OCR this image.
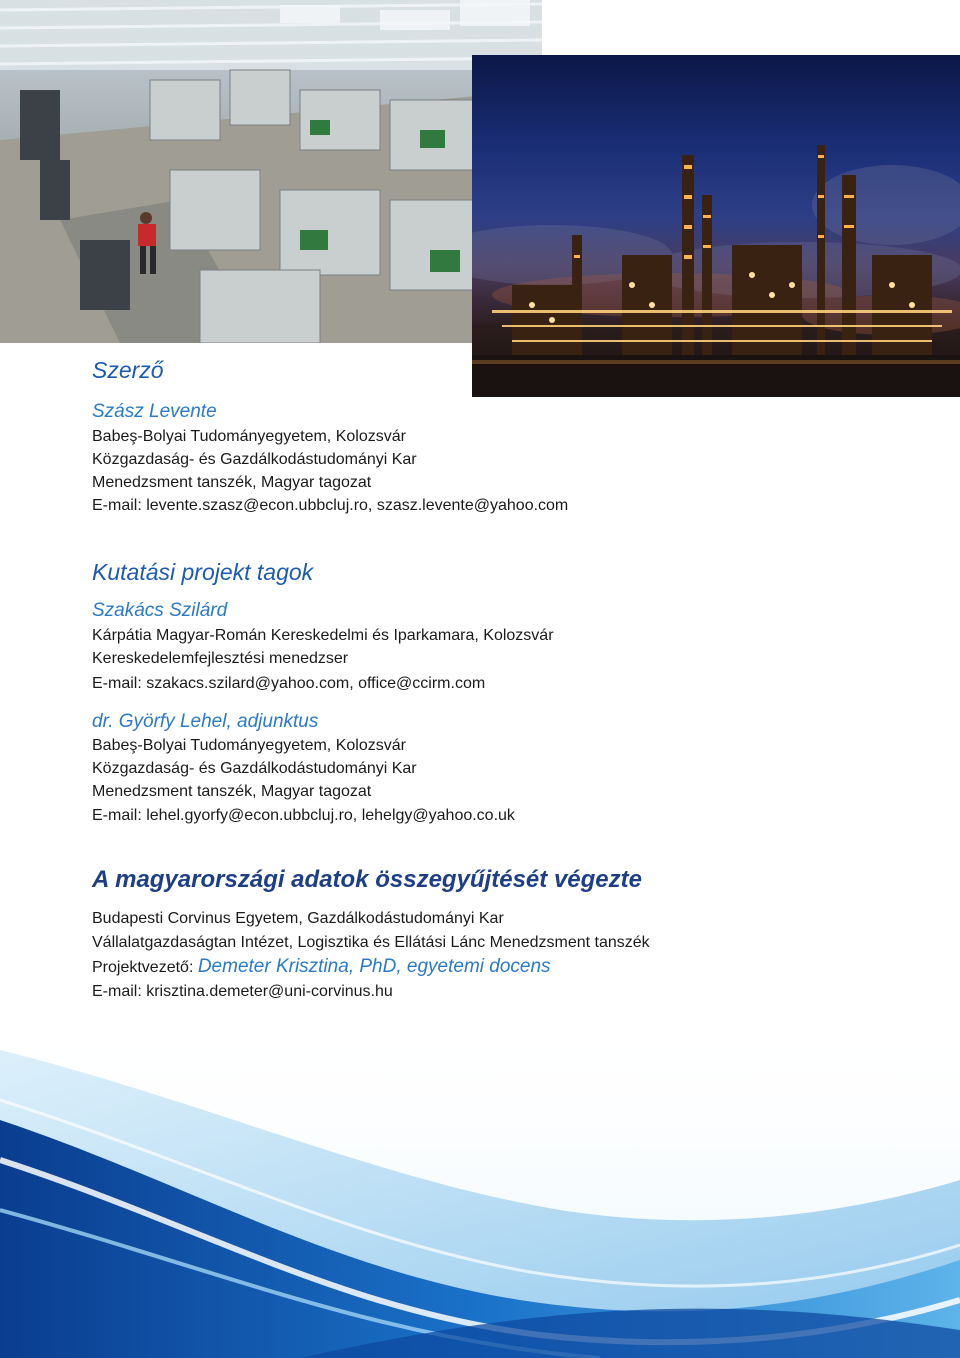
Szerző

Szász Levente

Babeş-Bolyai Tudományegyetem, Kolozsvár

Közgazdaság- és Gazdálkodástudományi Kar

Menedzsment tanszék, Magyar tagozat

E-mail: levente.szasz@econ.ubbcluj.ro, szasz.levente@yahoo.com

Kutatási projekt tagok

Szakács Szilárd

Kárpátia Magyar-Román Kereskedelmi és Iparkamara, Kolozsvár

Kereskedelemfejlesztési menedzser

E-mail: szakacs.szilard@yahoo.com, office@ccirm.com

dr. Györfy Lehel, adjunktus

Babeş-Bolyai Tudományegyetem, Kolozsvár

Közgazdaság- és Gazdálkodástudományi Kar

Menedzsment tanszék, Magyar tagozat

E-mail: lehel.gyorfy@econ.ubbcluj.ro, lehelgy@yahoo.co.uk

A magyarországi adatok összegyűjtését végezte

Budapesti Corvinus Egyetem, Gazdálkodástudományi Kar

Vállalatgazdaságtan Intézet, Logisztika és Ellátási Lánc Menedzsment tanszék

Projektvezető: Demeter Krisztina, PhD, egyetemi docens

E-mail: krisztina.demeter@uni-corvinus.hu
